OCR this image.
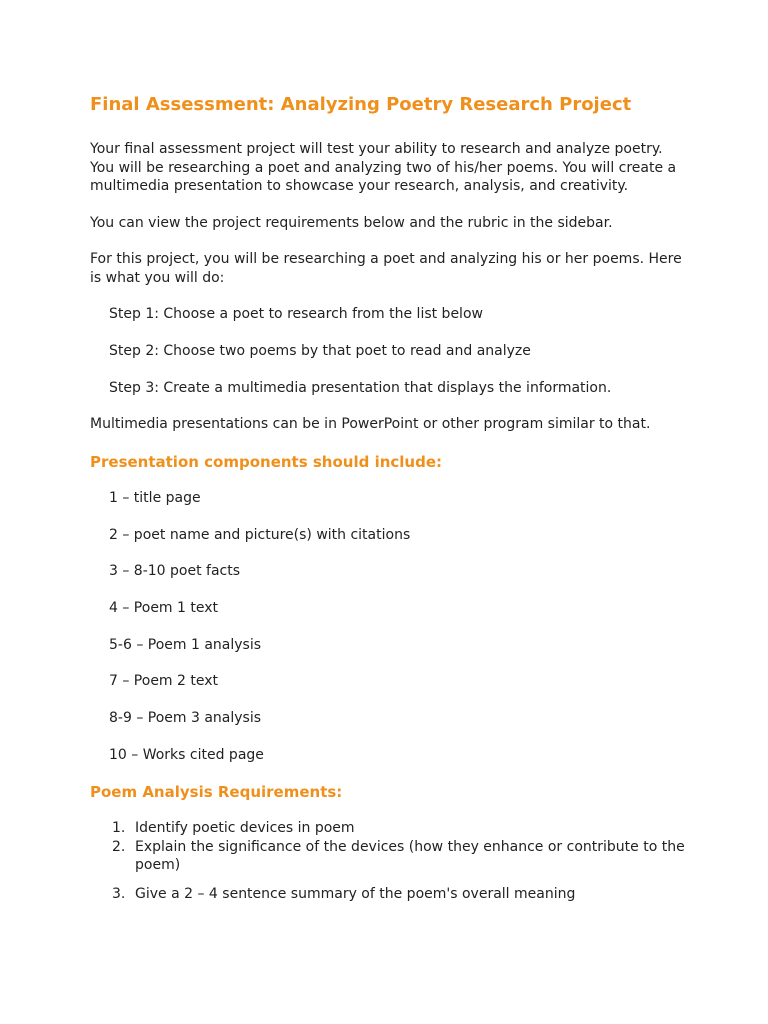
Final Assessment: Analyzing Poetry Research Project

Your final assessment project will test your ability to research and analyze poetry. You will be researching a poet and analyzing two of his/her poems. You will create a multimedia presentation to showcase your research, analysis, and creativity.

You can view the project requirements below and the rubric in the sidebar.

For this project, you will be researching a poet and analyzing his or her poems. Here is what you will do:

Step 1: Choose a poet to research from the list below
Step 2: Choose two poems by that poet to read and analyze
Step 3: Create a multimedia presentation that displays the information.

Multimedia presentations can be in PowerPoint or other program similar to that.

Presentation components should include:
1 – title page
2 – poet name and picture(s) with citations
3 – 8-10 poet facts
4 – Poem 1 text
5-6 – Poem 1 analysis
7 – Poem 2 text
8-9 – Poem 3 analysis
10 – Works cited page
Poem Analysis Requirements:
1. Identify poetic devices in poem
2. Explain the significance of the devices (how they enhance or contribute to the poem)
3. Give a 2 – 4 sentence summary of the poem's overall meaning
